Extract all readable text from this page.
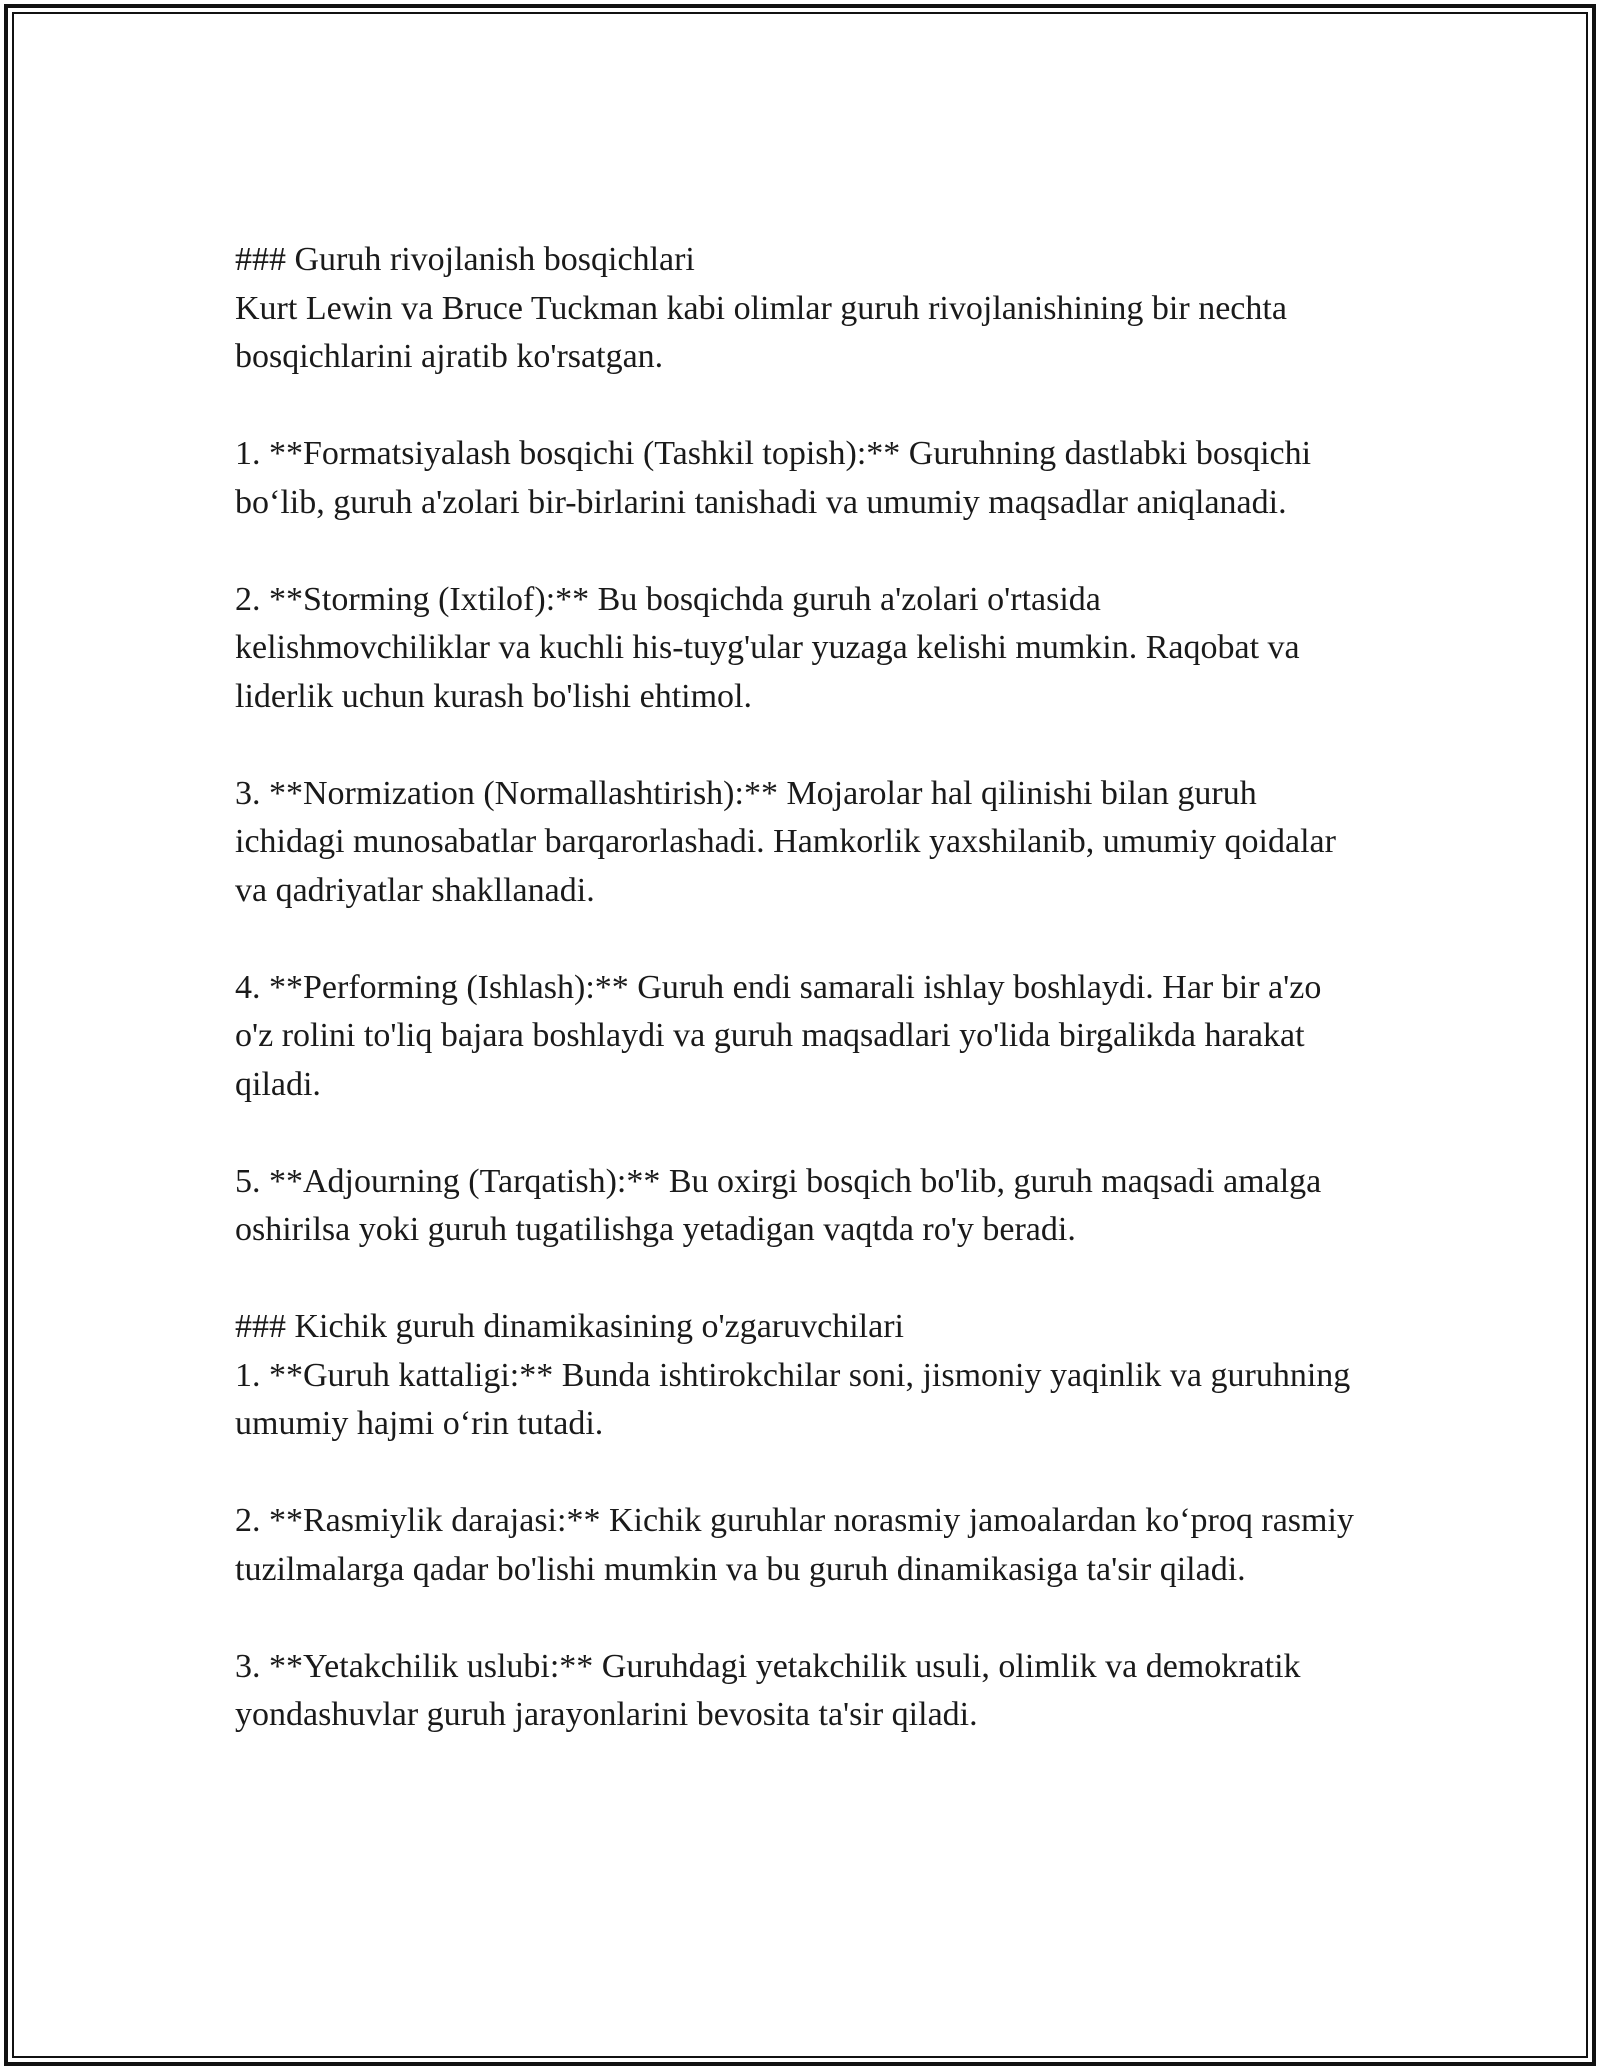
### Guruh rivojlanish bosqichlari

Kurt Lewin va Bruce Tuckman kabi olimlar guruh rivojlanishining bir nechta bosqichlarini ajratib ko'rsatgan.

1. **Formatsiyalash bosqichi (Tashkil topish):** Guruhning dastlabki bosqichi bo‘lib, guruh a'zolari bir-birlarini tanishadi va umumiy maqsadlar aniqlanadi.

2. **Storming (Ixtilof):** Bu bosqichda guruh a'zolari o'rtasida kelishmovchiliklar va kuchli his-tuyg'ular yuzaga kelishi mumkin. Raqobat va liderlik uchun kurash bo'lishi ehtimol.

3. **Normization (Normallashtirish):** Mojarolar hal qilinishi bilan guruh ichidagi munosabatlar barqarorlashadi. Hamkorlik yaxshilanib, umumiy qoidalar va qadriyatlar shakllanadi.

4. **Performing (Ishlash):** Guruh endi samarali ishlay boshlaydi. Har bir a'zo o'z rolini to'liq bajara boshlaydi va guruh maqsadlari yo'lida birgalikda harakat qiladi.

5. **Adjourning (Tarqatish):** Bu oxirgi bosqich bo'lib, guruh maqsadi amalga oshirilsa yoki guruh tugatilishga yetadigan vaqtda ro'y beradi.

### Kichik guruh dinamikasining o'zgaruvchilari

1. **Guruh kattaligi:** Bunda ishtirokchilar soni, jismoniy yaqinlik va guruhning umumiy hajmi o‘rin tutadi.

2. **Rasmiylik darajasi:** Kichik guruhlar norasmiy jamoalardan ko‘proq rasmiy tuzilmalarga qadar bo'lishi mumkin va bu guruh dinamikasiga ta'sir qiladi.

3. **Yetakchilik uslubi:** Guruhdagi yetakchilik usuli, olimlik va demokratik yondashuvlar guruh jarayonlarini bevosita ta'sir qiladi.
